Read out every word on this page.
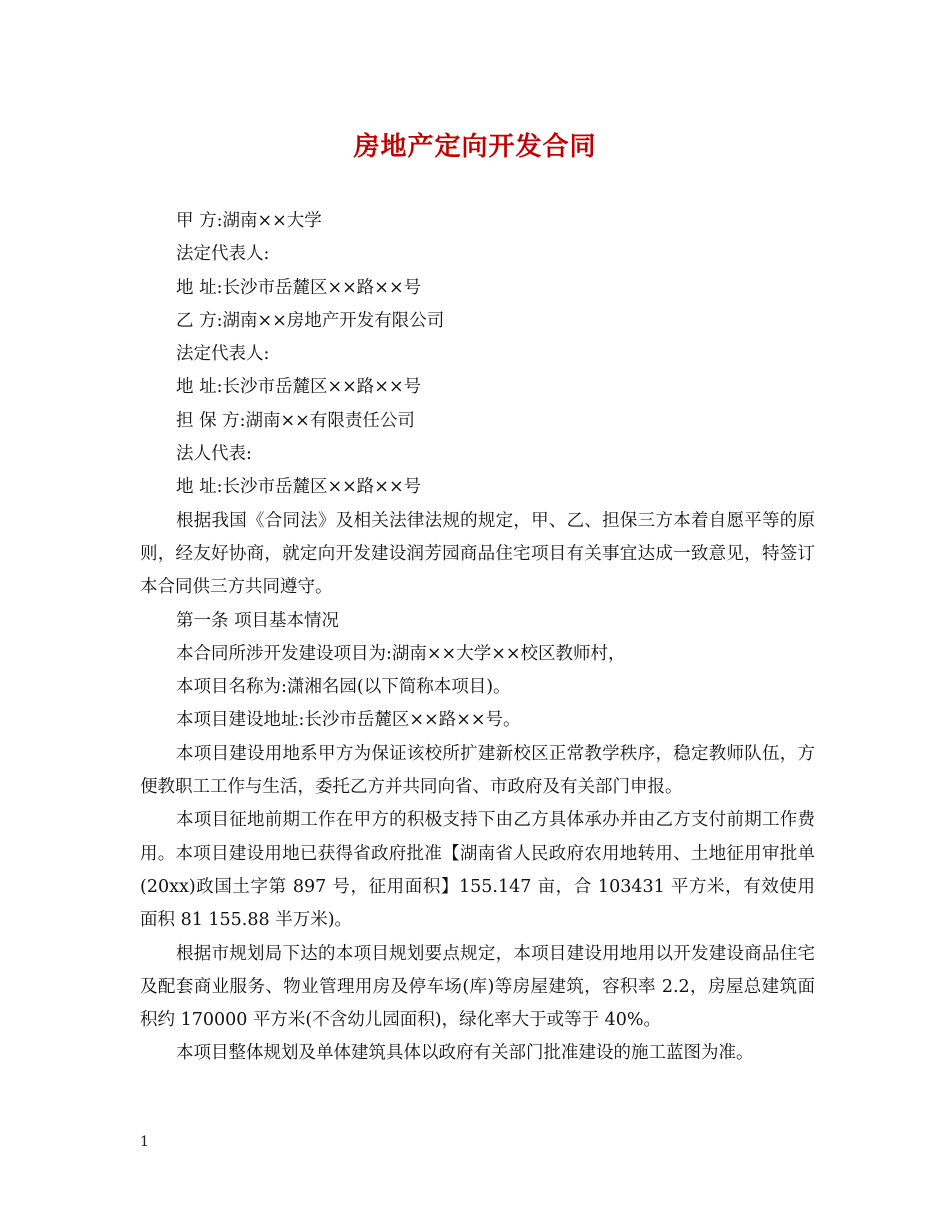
房地产定向开发合同
甲 方:湖南××大学
法定代表人:
地 址:长沙市岳麓区××路××号
乙 方:湖南××房地产开发有限公司
法定代表人:
地 址:长沙市岳麓区××路××号
担 保 方:湖南××有限责任公司
法人代表:
地 址:长沙市岳麓区××路××号

根据我国《合同法》及相关法律法规的规定，甲、乙、担保三方本着自愿平等的原则，经友好协商，就定向开发建设润芳园商品住宅项目有关事宜达成一致意见，特签订本合同供三方共同遵守。

第一条 项目基本情况
本合同所涉开发建设项目为:湖南××大学××校区教师村，
本项目名称为:潇湘名园(以下简称本项目)。
本项目建设地址:长沙市岳麓区××路××号。

本项目建设用地系甲方为保证该校所扩建新校区正常教学秩序，稳定教师队伍，方便教职工工作与生活，委托乙方并共同向省、市政府及有关部门申报。

本项目征地前期工作在甲方的积极支持下由乙方具体承办并由乙方支付前期工作费用。本项目建设用地已获得省政府批准【湖南省人民政府农用地转用、土地征用审批单(20xx)政国土字第 897 号，征用面积】155.147 亩，合 103431 平方米，有效使用面积 81 155.88 半万米)。

根据市规划局下达的本项目规划要点规定，本项目建设用地用以开发建设商品住宅及配套商业服务、物业管理用房及停车场(库)等房屋建筑，容积率 2.2，房屋总建筑面积约 170000 平方米(不含幼儿园面积)，绿化率大于或等于 40%。

本项目整体规划及单体建筑具体以政府有关部门批准建设的施工蓝图为准。
1
